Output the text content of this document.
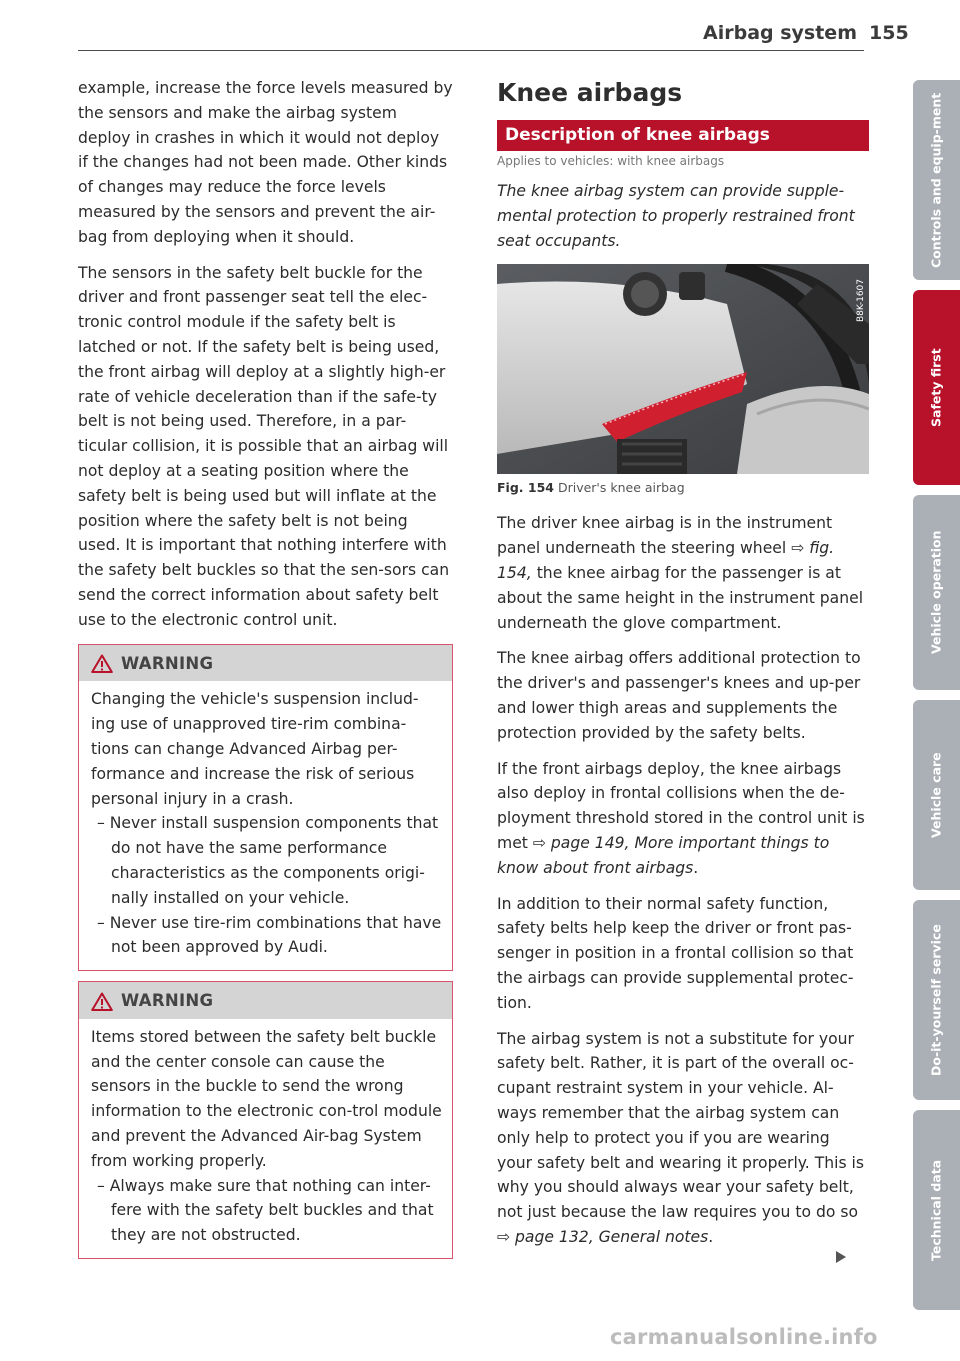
Airbag system 155

example, increase the force levels measured by the sensors and make the airbag system deploy in crashes in which it would not deploy if the changes had not been made. Other kinds of changes may reduce the force levels measured by the sensors and prevent the air-bag from deploying when it should.

The sensors in the safety belt buckle for the driver and front passenger seat tell the elec-tronic control module if the safety belt is latched or not. If the safety belt is being used, the front airbag will deploy at a slightly high-er rate of vehicle deceleration than if the safe-ty belt is not being used. Therefore, in a par-ticular collision, it is possible that an airbag will not deploy at a seating position where the safety belt is being used but will inflate at the position where the safety belt is not being used. It is important that nothing interfere with the safety belt buckles so that the sen-sors can send the correct information about safety belt use to the electronic control unit.

WARNING

Changing the vehicle's suspension includ-ing use of unapproved tire-rim combina-tions can change Advanced Airbag per-formance and increase the risk of serious personal injury in a crash.

– Never install suspension components that do not have the same performance characteristics as the components origi-nally installed on your vehicle.
– Never use tire-rim combinations that have not been approved by Audi.
WARNING

Items stored between the safety belt buckle and the center console can cause the sensors in the buckle to send the wrong information to the electronic con-trol module and prevent the Advanced Air-bag System from working properly.

– Always make sure that nothing can inter-fere with the safety belt buckles and that they are not obstructed.
Knee airbags
Description of knee airbags
Applies to vehicles: with knee airbags

The knee airbag system can provide supple-mental protection to properly restrained front seat occupants.

B8K-1607
Fig. 154 Driver's knee airbag

The driver knee airbag is in the instrument panel underneath the steering wheel ⇨ fig. 154, the knee airbag for the passenger is at about the same height in the instrument panel underneath the glove compartment.

The knee airbag offers additional protection to the driver's and passenger's knees and up-per and lower thigh areas and supplements the protection provided by the safety belts.

If the front airbags deploy, the knee airbags also deploy in frontal collisions when the de-ployment threshold stored in the control unit is met ⇨ page 149, More important things to know about front airbags.

In addition to their normal safety function, safety belts help keep the driver or front pas-senger in position in a frontal collision so that the airbags can provide supplemental protec-tion.

The airbag system is not a substitute for your safety belt. Rather, it is part of the overall oc-cupant restraint system in your vehicle. Al-ways remember that the airbag system can only help to protect you if you are wearing your safety belt and wearing it properly. This is why you should always wear your safety belt, not just because the law requires you to do so ⇨ page 132, General notes.

Controls and equip-ment
Safety first
Vehicle operation
Vehicle care
Do-it-yourself service
Technical data
carmanualsonline.info
